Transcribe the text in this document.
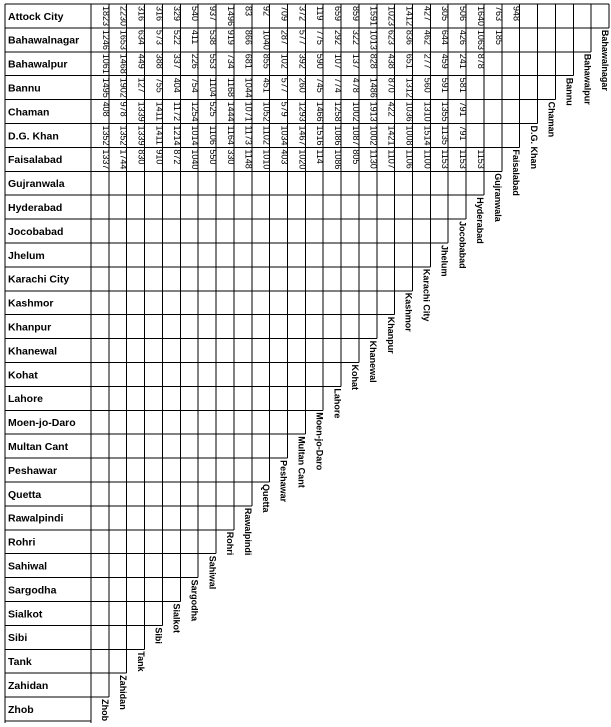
Attock City
Bahawalnagar
Bahawalpur
Bannu
Chaman
D.G. Khan
Faisalabad
Gujranwala
Hyderabad
Jocobabad
Jhelum
Karachi City
Kashmor
Khanpur
Khanewal
Kohat
Lahore
Moen-jo-Daro
Multan Cant
Peshawar
Quetta
Rawalpindi
Rohri
Sahiwal
Sargodha
Sialkot
Sibi
Tank
Zahidan
Zhob	Zhob
Zahidan
Tank
Sibi
Sialkot Sargodha
Sahiwal
Rohri Rawalpindi
Quetta Peshawar Multan Cant Moen-jo-Daro
Lahore
Kohat Khanewal
Khanpur
Kashmor Karachi City
Jhelum Jocobabad
Hyderabad Gujranwala
Faisalabad
D.G. Khan
Chaman
Bannu Bahawalpur Bahawalnagar
1823 2230 316 316 329 540 937 1496 83 92 709 372 119 659 859 1591 1023 1412 427 305 506 1640 763 948
1246 1653 634 573 522 411 538 919 866 1040 287 577 775 292 322 1013 623 836 462 644 426 1063 185
1061 1468 449 388 337 226 553 734 681 855 102 392 590 107 137 828 438 651 277 459 241 878
1495 1902 127 755 404 754 1104 1168 1044 451 577 260 745 774 478 1486 870 1312 560 591 581
408 978 1339 1411 1172 1254 525 1444 1071 1052 579 1293 1466 1258 1002 1913 422 1036 1310 1355 791
1352 1352 1339 1411 1214 1014 1106 1164 1173 1102 1034 1467 1516 1086 1087 1002 1421 1008 1514 1135 791
1337 1744 830 910 872 1040 550 330 1148 1010 403 1020 114 1086 805 1130 1107 1106 1100 1153 1153 1153
